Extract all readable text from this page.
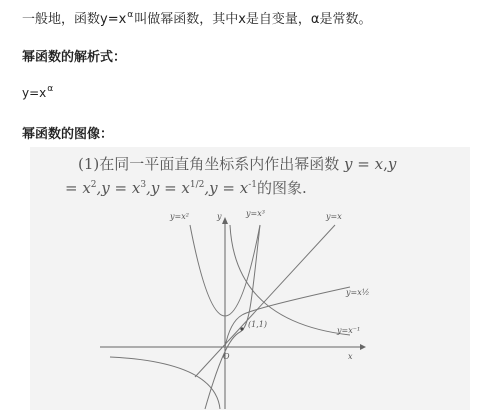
一般地，函数$y=x^\alpha$叫做幂函数，其中x是自变量，α是常数。
幂函数的解析式：
$y=x^\alpha$
幂函数的图像：
(1)在同一平面直角坐标系内作出幂函数 y = x,y
= $x^2,y = x^3,y = x^{1/2},y = x^{-1}$的图象.
y=x²	y	y=x³	y=x
y=x½
(1,1)
y=x⁻¹
O	x
